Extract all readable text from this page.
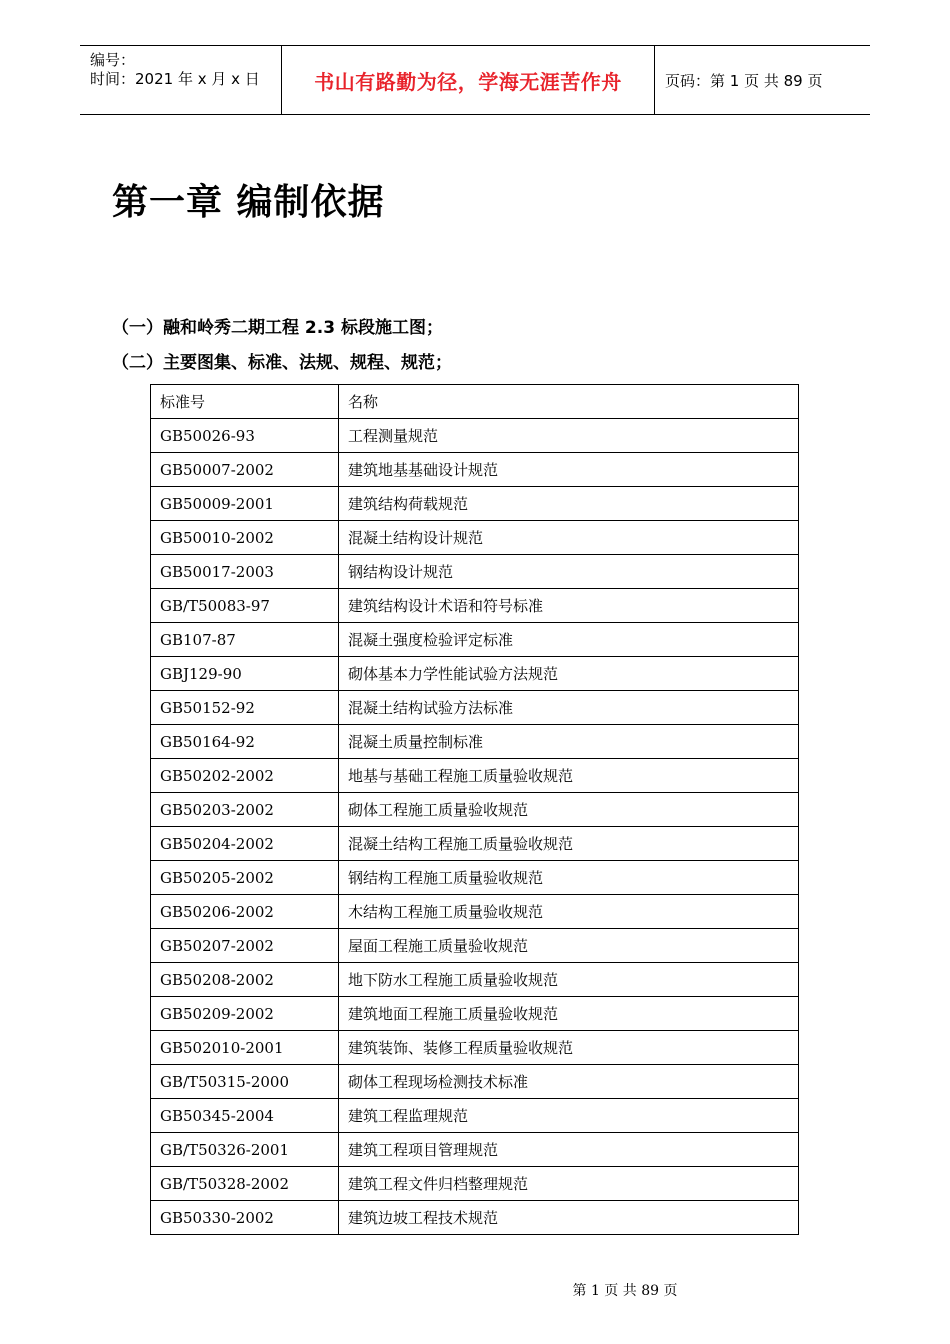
编号：
时间：2021 年 x 月 x 日	书山有路勤为径，学海无涯苦作舟	页码：第 1 页 共 89 页
第一章 编制依据
（一）融和岭秀二期工程 2.3 标段施工图；
（二）主要图集、标准、法规、规程、规范；
标准号	名称
GB50026-93	工程测量规范
GB50007-2002	建筑地基基础设计规范
GB50009-2001	建筑结构荷载规范
GB50010-2002	混凝土结构设计规范
GB50017-2003	钢结构设计规范
GB/T50083-97	建筑结构设计术语和符号标准
GB107-87	混凝土强度检验评定标准
GBJ129-90	砌体基本力学性能试验方法规范
GB50152-92	混凝土结构试验方法标准
GB50164-92	混凝土质量控制标准
GB50202-2002	地基与基础工程施工质量验收规范
GB50203-2002	砌体工程施工质量验收规范
GB50204-2002	混凝土结构工程施工质量验收规范
GB50205-2002	钢结构工程施工质量验收规范
GB50206-2002	木结构工程施工质量验收规范
GB50207-2002	屋面工程施工质量验收规范
GB50208-2002	地下防水工程施工质量验收规范
GB50209-2002	建筑地面工程施工质量验收规范
GB502010-2001	建筑装饰、装修工程质量验收规范
GB/T50315-2000	砌体工程现场检测技术标准
GB50345-2004	建筑工程监理规范
GB/T50326-2001	建筑工程项目管理规范
GB/T50328-2002	建筑工程文件归档整理规范
GB50330-2002	建筑边坡工程技术规范
第 1 页 共 89 页
